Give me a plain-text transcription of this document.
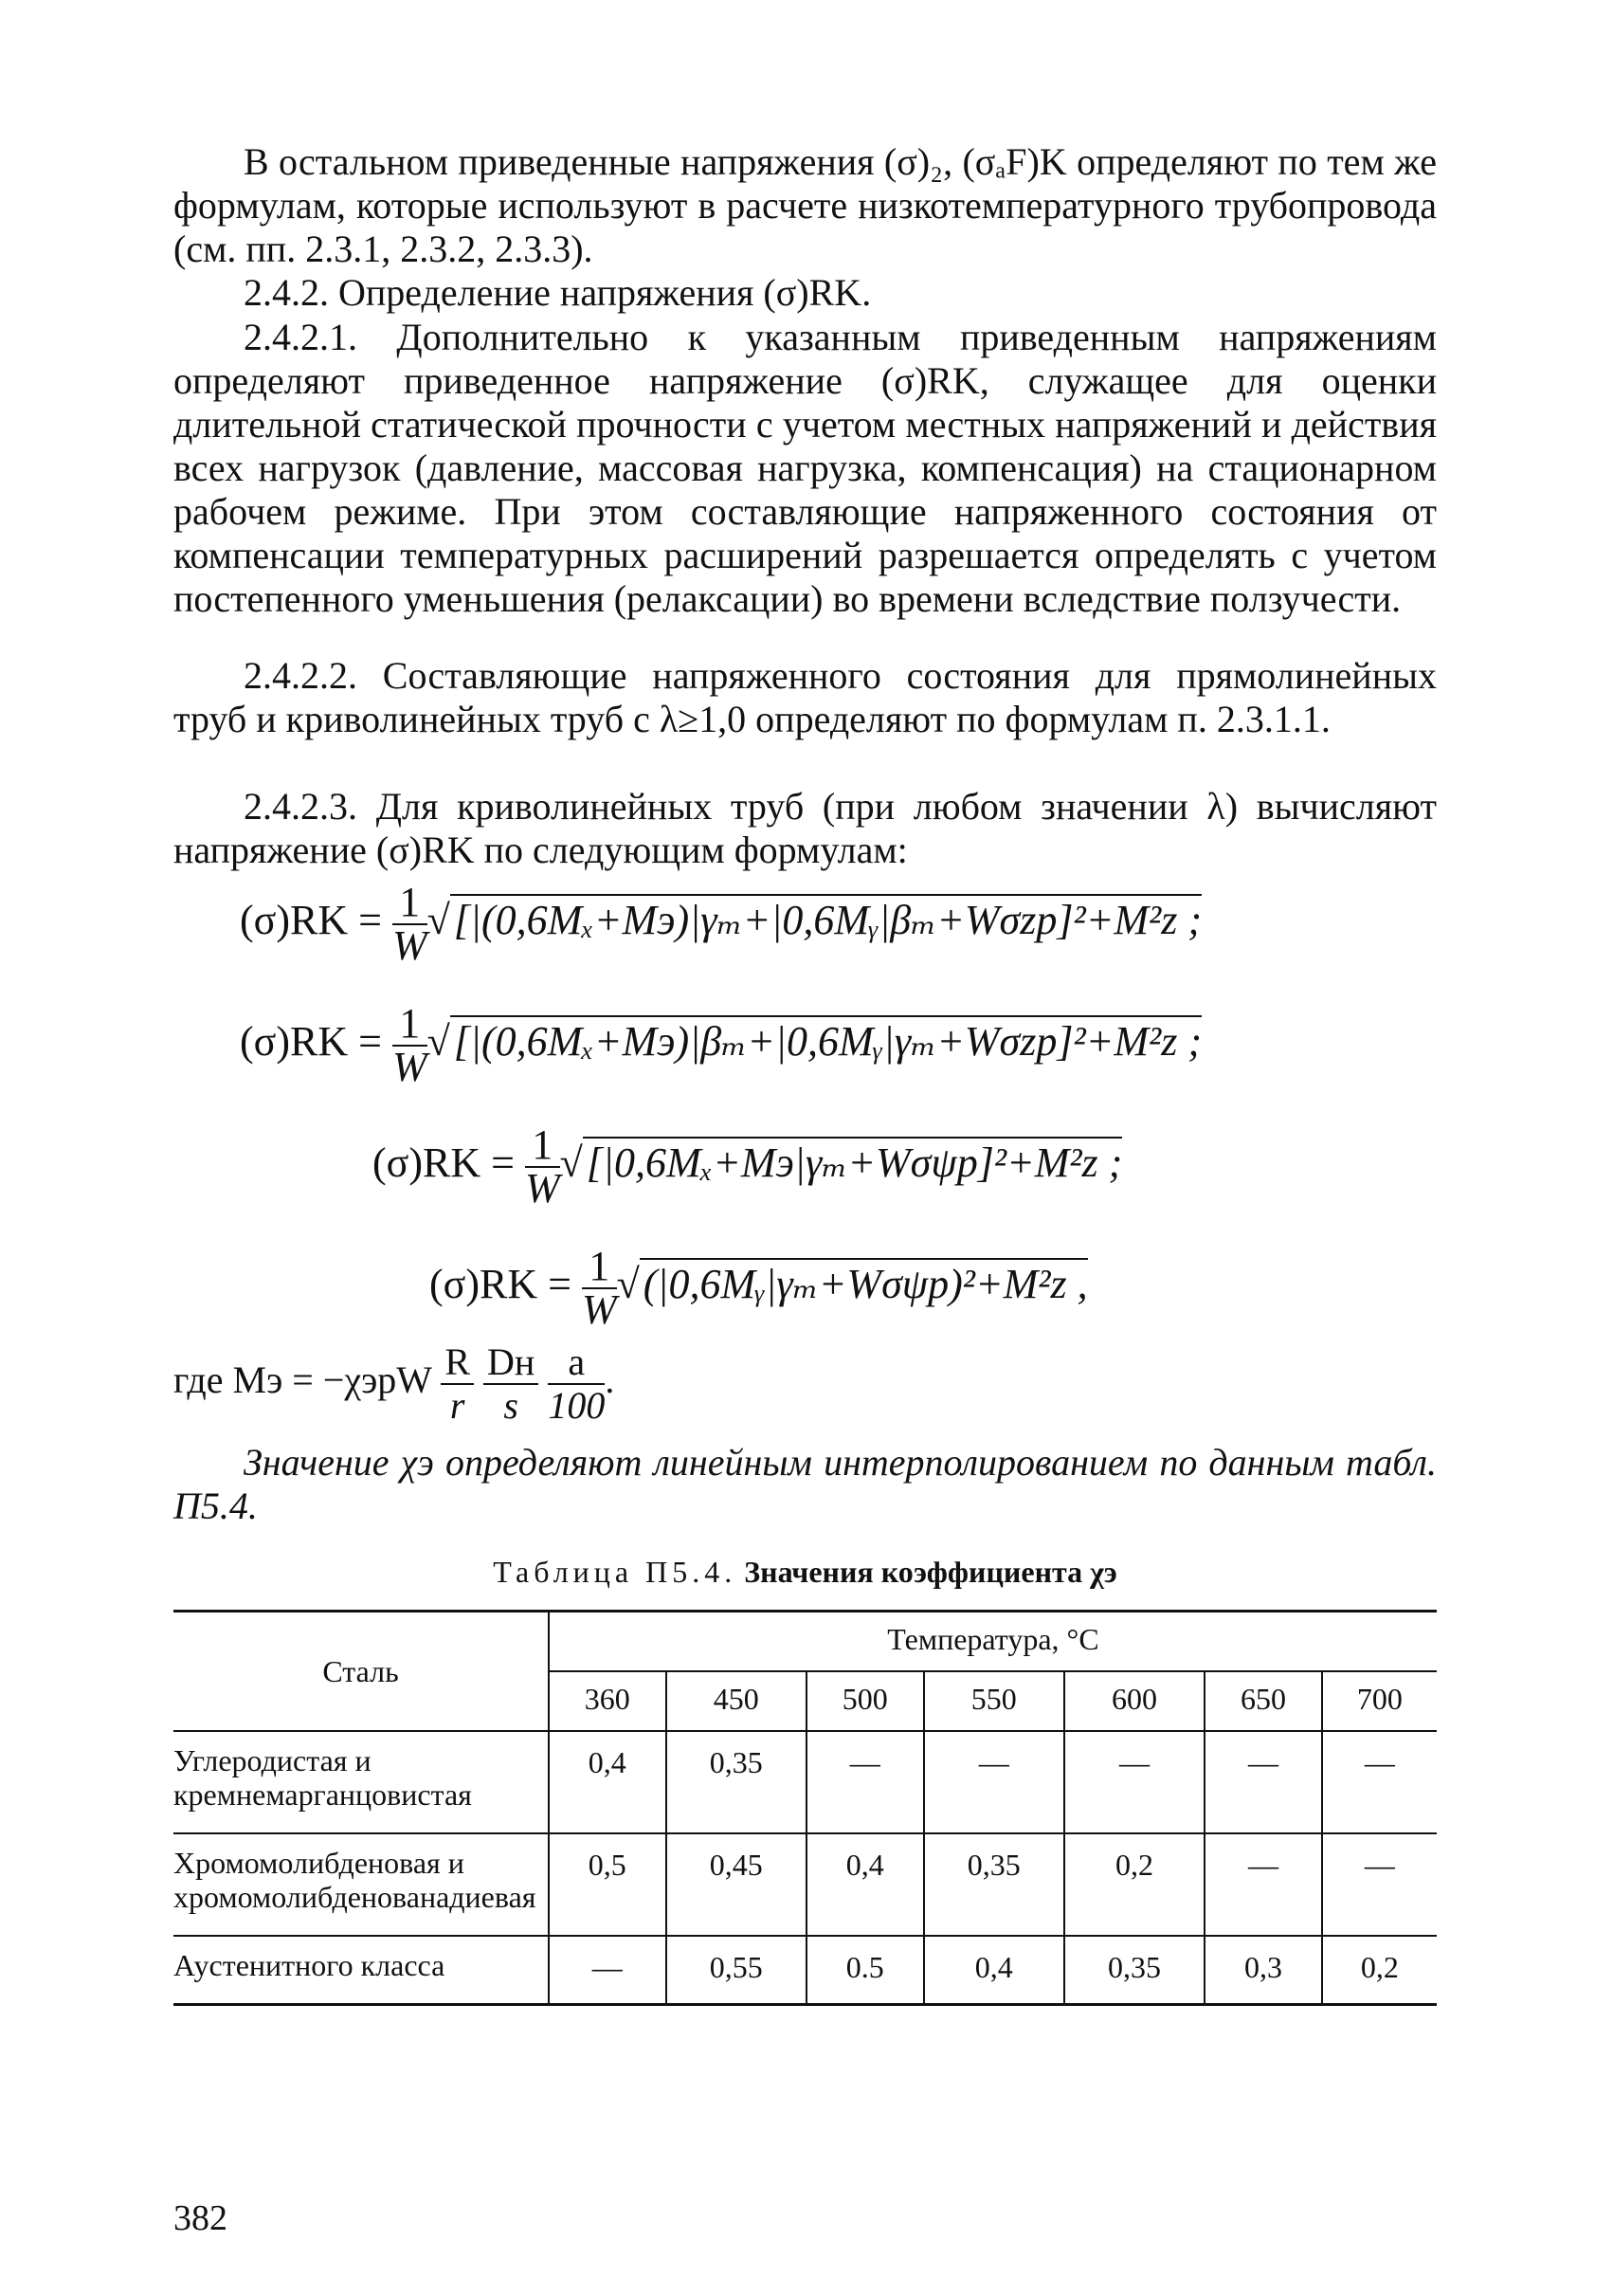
В остальном приведенные напряжения (σ)₂, (σₐF)K определяют по тем же формулам, которые используют в расчете низкотемпературного трубопровода (см. пп. 2.3.1, 2.3.2, 2.3.3).
2.4.2. Определение напряжения (σ)RK.
2.4.2.1. Дополнительно к указанным приведенным напряжениям определяют приведенное напряжение (σ)RK, служащее для оценки длительной статической прочности с учетом местных напряжений и действия всех нагрузок (давление, массовая нагрузка, компенсация) на стационарном рабочем режиме. При этом составляющие напряженного состояния от компенсации температурных расширений разрешается определять с учетом постепенного уменьшения (релаксации) во времени вследствие ползучести.
2.4.2.2. Составляющие напряженного состояния для прямолинейных труб и криволинейных труб с λ≥1,0 определяют по формулам п. 2.3.1.1.
2.4.2.3. Для криволинейных труб (при любом значении λ) вычисляют напряжение (σ)RK по следующим формулам:
$(\sigma)RK = \frac{1}{W}$ √[|(0,6Mₓ+Mэ)|γₘ+|0,6Mᵧ|βₘ+Wσzp]²+M²z ;
$(\sigma)RK = \frac{1}{W}$ √[|(0,6Mₓ+Mэ)|βₘ+|0,6Mᵧ|γₘ+Wσzp]²+M²z ;
$(\sigma)RK = \frac{1}{W} √[|0,6M_x+Mэ|\gamma_m+W\sigma\psi p]^2+M^2z$ ;
$(\sigma)RK = \frac{1}{W}$ √(|0,6Mᵧ|γₘ+Wσψp)²+M²z ,
где Mэ = $-\chi эpW \frac{R}{r}$
$\frac{Dн}{s}$
$\frac{a}{100}$ .
Значение χэ определяют линейным интерполированием по данным табл. П5.4.
Таблица П5.4. Значения коэффициента χэ
Сталь	Температура, °С						
	360	450	500	550	600	650	700
Углеродистая и кремнемарганцовистая	0,4	0,35	—	—	—	—	—
Хромомолибденовая и хромомолибденованадиевая	0,5	0,45	0,4	0,35	0,2	—	—
Аустенитного класса	—	0,55	0.5	0,4	0,35	0,3	0,2
382
